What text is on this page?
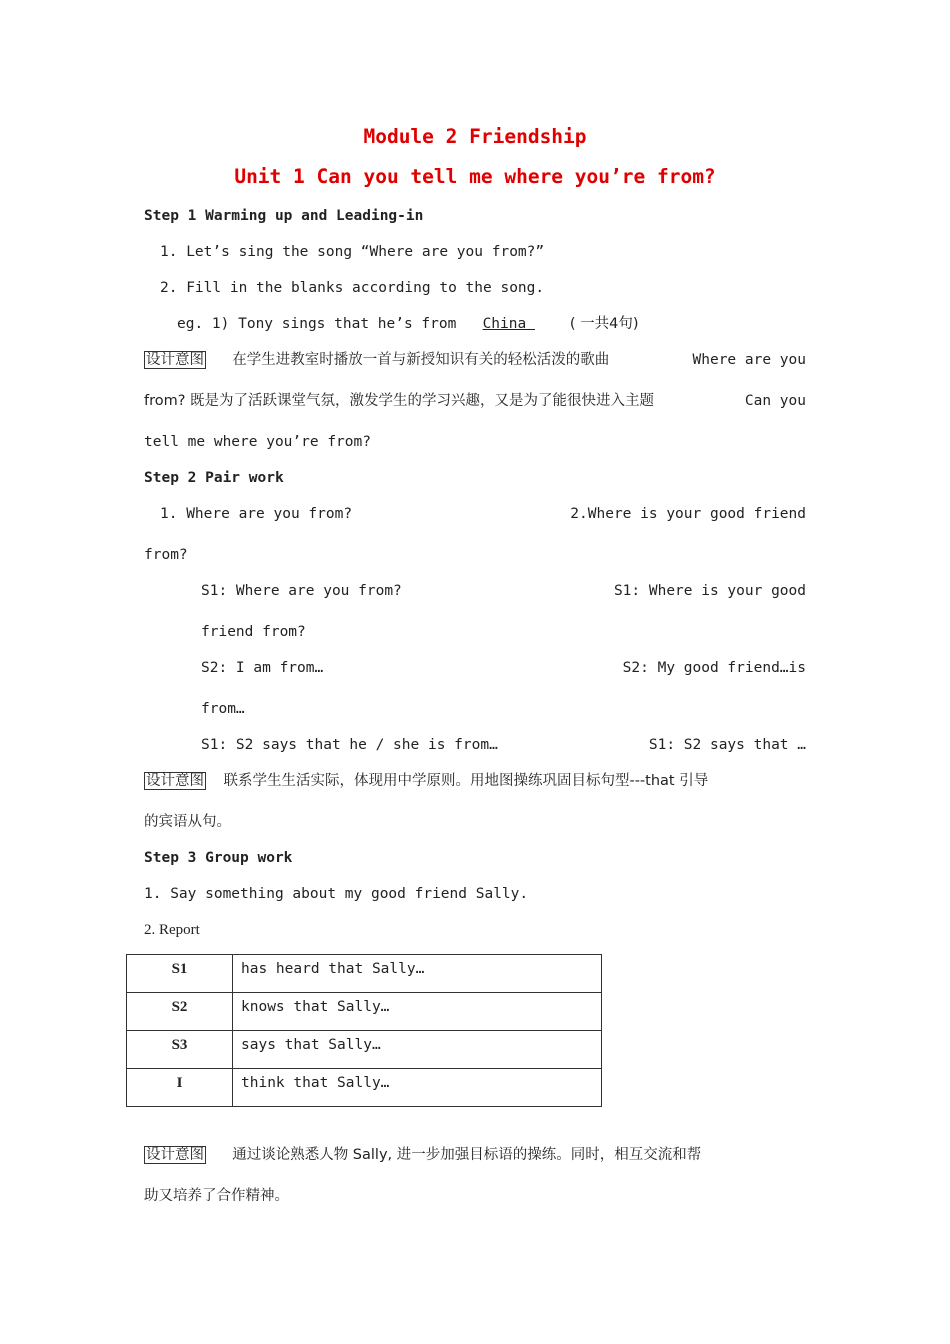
Module 2 Friendship
Unit 1 Can you tell me where you’re from?
Step 1 Warming up and Leading-in
1. Let’s sing the song “Where are you from?”
2. Fill in the blanks according to the song.
eg. 1) Tony sings that he’s from China     ( 一共4句)
设计意图 在学生进教室时播放一首与新授知识有关的轻松活泼的歌曲	Where are you
from? 既是为了活跃课堂气氛，激发学生的学习兴趣，又是为了能很快进入主题	Can you
tell me where you’re from?
Step 2 Pair work
1. Where are you from?	2.Where is your good friend
from?
S1: Where are you from?	S1: Where is your good
friend from?
S2: I am from…	S2: My good friend…is
from…
S1: S2 says that he / she is from…	S1: S2 says that …
设计意图 联系学生生活实际，体现用中学原则。用地图操练巩固目标句型---that 引导
的宾语从句。
Step 3 Group work
1. Say something about my good friend Sally.
2. Report
S1	has heard that Sally…
S2	knows that Sally…
S3	says that Sally…
I	think that Sally…
设计意图 通过谈论熟悉人物 Sally, 进一步加强目标语的操练。同时，相互交流和帮
助又培养了合作精神。
